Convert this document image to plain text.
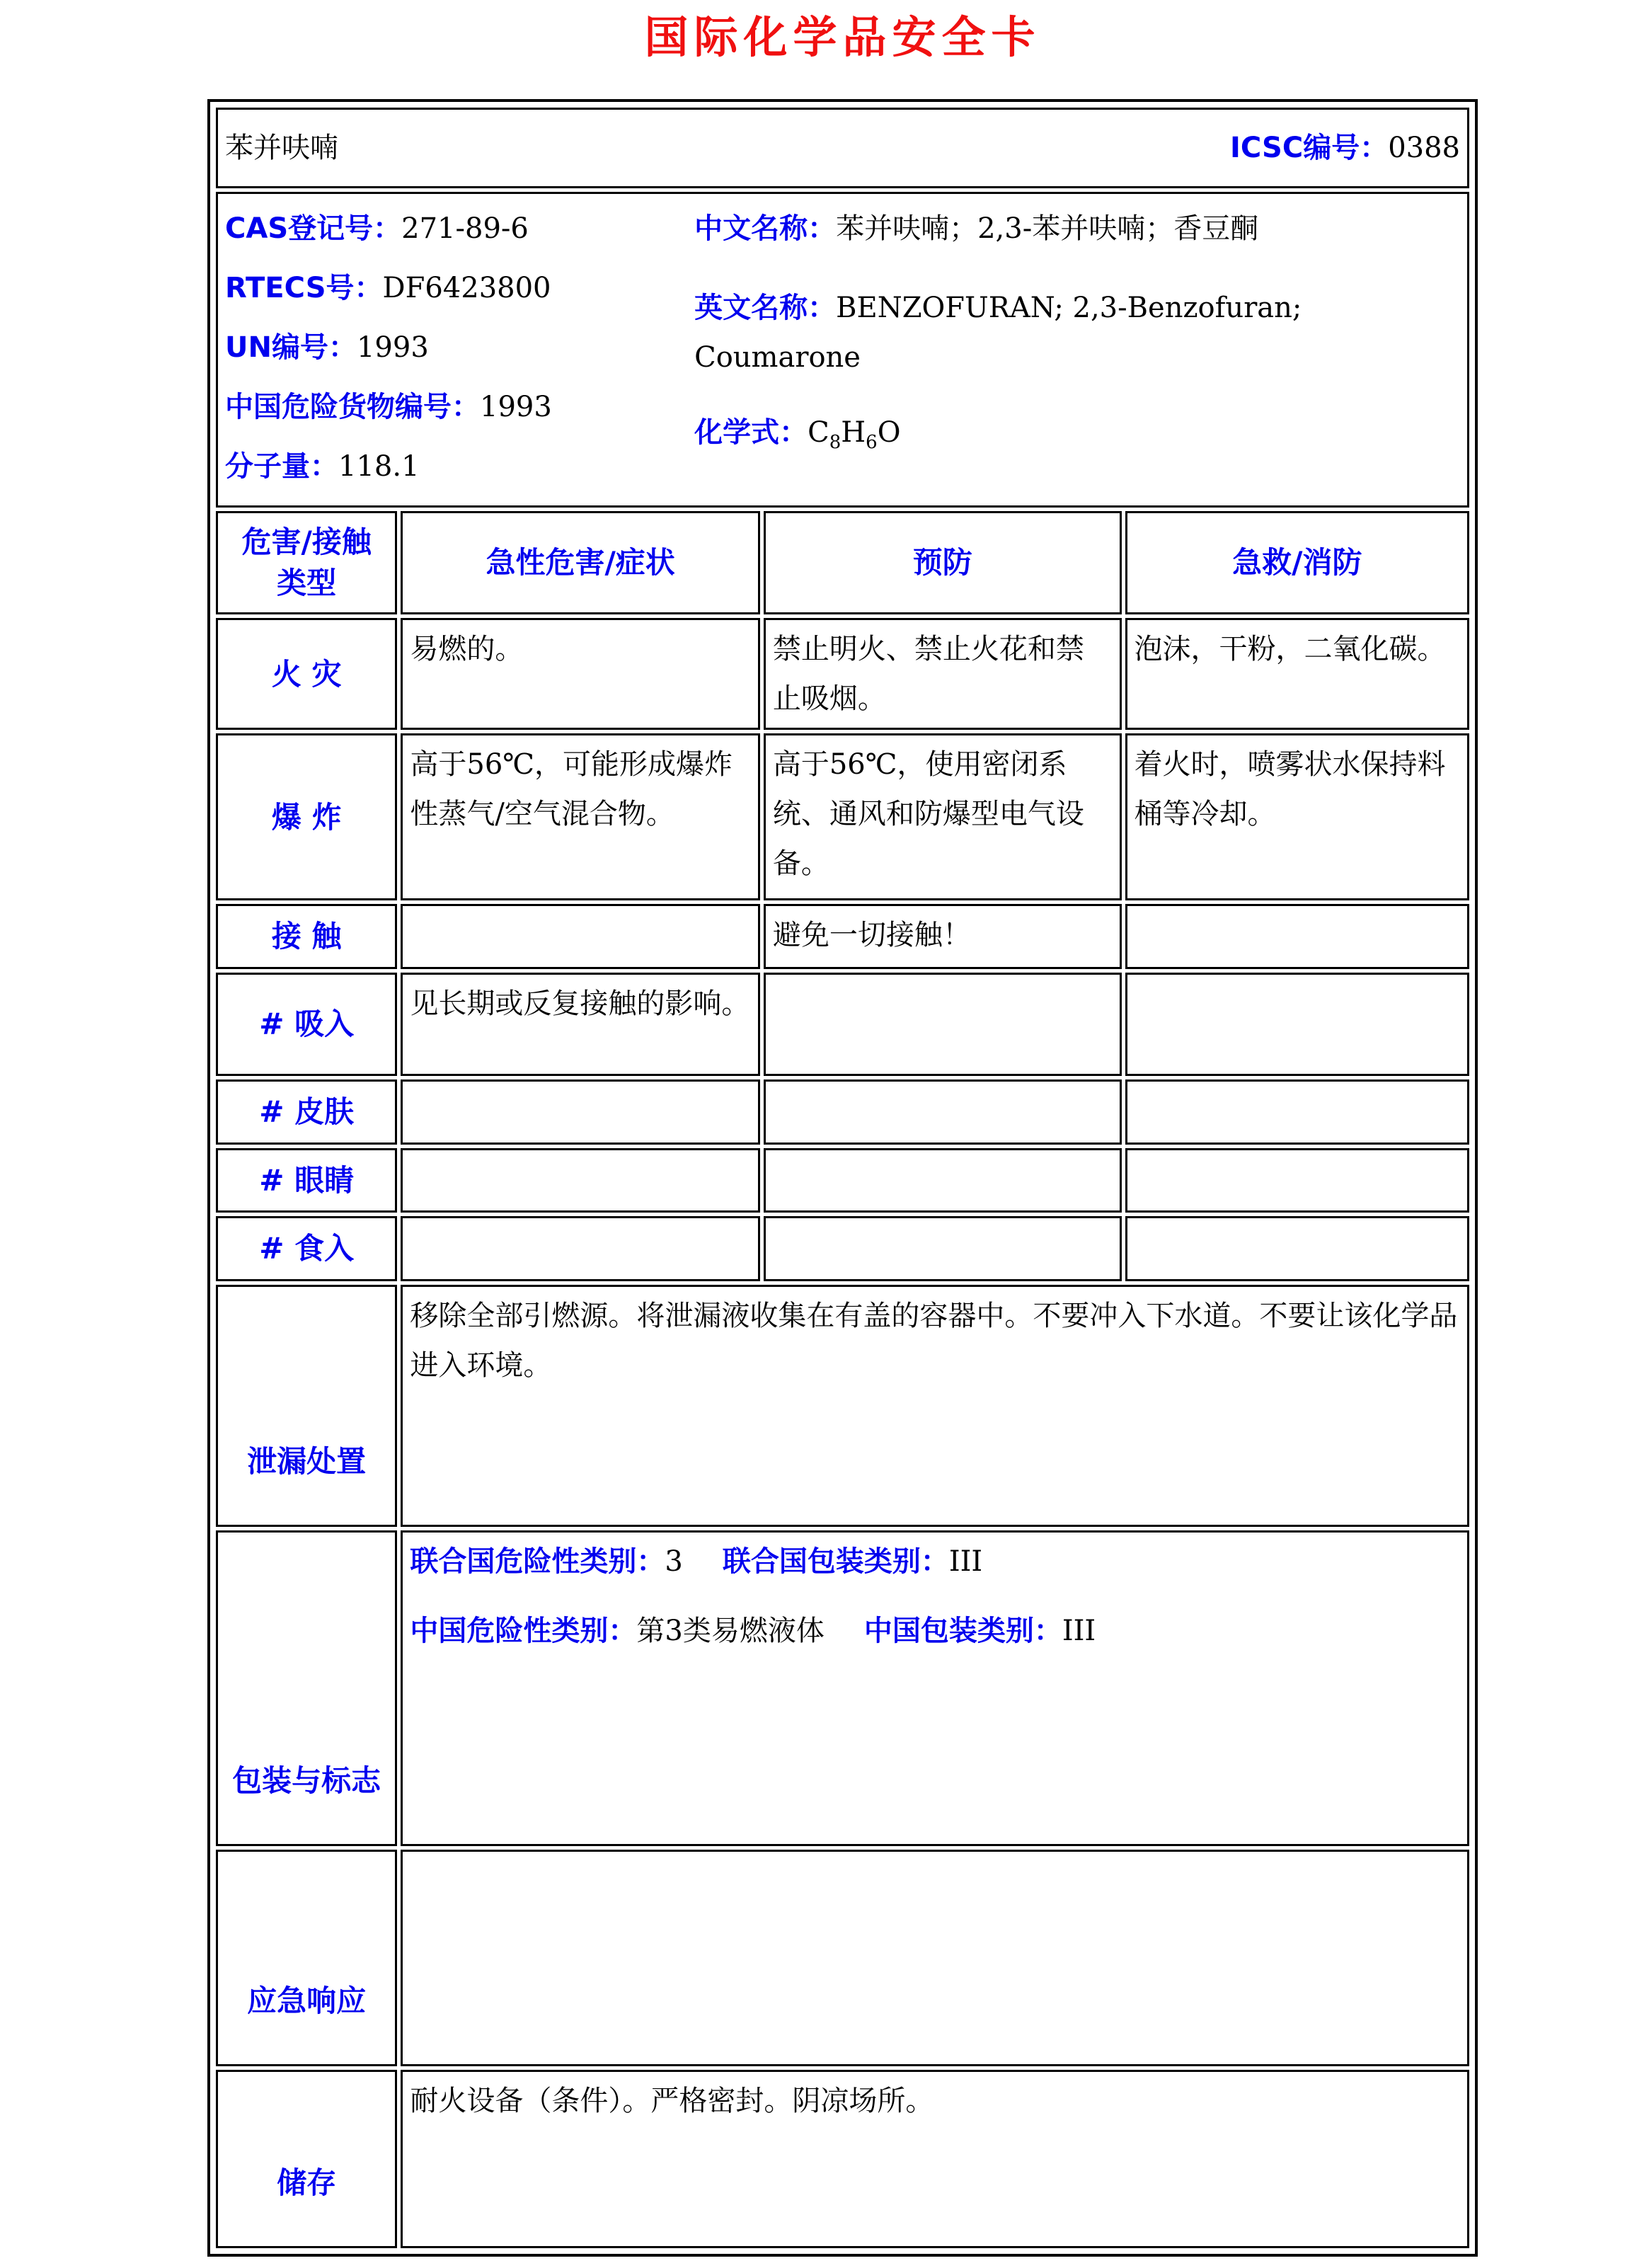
国际化学品安全卡
苯并呋喃 ICSC编号：0388			

CAS登记号：271-89-6
RTECS号：DF6423800
UN编号：1993
中国危险货物编号：1993
分子量：118.1
中文名称：苯并呋喃；2,3-苯并呋喃；香豆酮
英文名称：BENZOFURAN; 2,3-Benzofuran; Coumarone
化学式：$C_8H_6O$

危害/接触
类型	急性危害/症状	预防	急救/消防
火 灾	易燃的。	禁止明火、禁止火花和禁止吸烟。	泡沫，干粉，二氧化碳。
爆 炸	高于56℃，可能形成爆炸性蒸气/空气混合物。	高于56℃，使用密闭系统、通风和防爆型电气设备。	着火时，喷雾状水保持料桶等冷却。
接 触		避免一切接触！	
# 吸入	见长期或反复接触的影响。		
# 皮肤			
# 眼睛			
# 食入			
泄漏处置	移除全部引燃源。将泄漏液收集在有盖的容器中。不要冲入下水道。不要让该化学品进入环境。		
包装与标志	联合国危险性类别：3 联合国包装类别：III
中国危险性类别：第3类易燃液体 中国包装类别：III		

应急响应			
储存	耐火设备（条件）。严格密封。阴凉场所。		
